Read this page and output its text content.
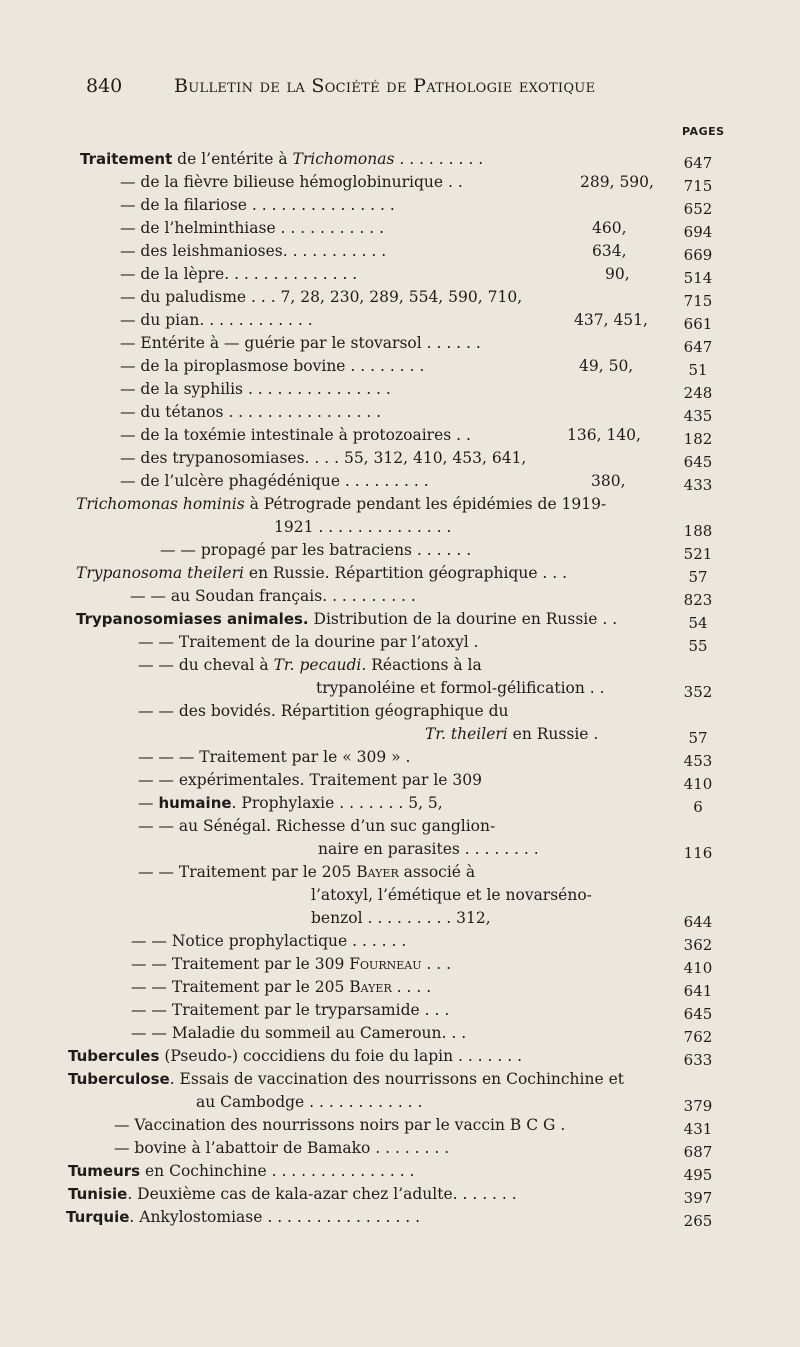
840	Bulletin de la Société de Pathologie exotique
PAGES
Traitement de l’entérite à Trichomonas . . . . . . . . .	647
— de la fièvre bilieuse hémoglobinurique . .	289, 590,	715
— de la filariose . . . . . . . . . . . . . . .	652
— de l’helminthiase . . . . . . . . . . .	460,	694
— des leishmanioses. . . . . . . . . . .	634,	669
— de la lèpre. . . . . . . . . . . . . .	90,	514
— du paludisme . . . 7, 28, 230, 289, 554, 590, 710,	715
— du pian. . . . . . . . . . . .	437, 451,	661
— Entérite à — guérie par le stovarsol . . . . . .	647
— de la piroplasmose bovine . . . . . . . .	49, 50,	51
— de la syphilis . . . . . . . . . . . . . . .	248
— du tétanos . . . . . . . . . . . . . . . .	435
— de la toxémie intestinale à protozoaires . .	136, 140,	182
— des trypanosomiases. . . . 55, 312, 410, 453, 641,	645
— de l’ulcère phagédénique . . . . . . . . .	380,	433
Trichomonas hominis à Pétrograde pendant les épidémies de 1919-
1921 . . . . . . . . . . . . . .	188
— — propagé par les batraciens . . . . . .	521
Trypanosoma theileri en Russie. Répartition géographique . . .	57
— — au Soudan français. . . . . . . . . .	823
Trypanosomiases animales. Distribution de la dourine en Russie . .	54
— — Traitement de la dourine par l’atoxyl .	55
— — du cheval à Tr. pecaudi. Réactions à la
trypanoléine et formol-gélification . .	352
— — des bovidés. Répartition géographique du
Tr. theileri en Russie .	57
— — — Traitement par le « 309 » .	453
— — expérimentales. Traitement par le 309	410
— humaine. Prophylaxie . . . . . . . 5, 5,	6
— — au Sénégal. Richesse d’un suc ganglion-
naire en parasites . . . . . . . .	116
— — Traitement par le 205 Bayer associé à
l’atoxyl, l’émétique et le novarséno-
benzol . . . . . . . . . 312,	644
— — Notice prophylactique . . . . . .	362
— — Traitement par le 309 Fourneau . . .	410
— — Traitement par le 205 Bayer . . . .	641
— — Traitement par le tryparsamide . . .	645
— — Maladie du sommeil au Cameroun. . .	762
Tubercules (Pseudo-) coccidiens du foie du lapin . . . . . . .	633
Tuberculose. Essais de vaccination des nourrissons en Cochinchine et
au Cambodge . . . . . . . . . . . .	379
— Vaccination des nourrissons noirs par le vaccin B C G .	431
— bovine à l’abattoir de Bamako . . . . . . . .	687
Tumeurs en Cochinchine . . . . . . . . . . . . . . .	495
Tunisie. Deuxième cas de kala-azar chez l’adulte. . . . . . .	397
Turquie. Ankylostomiase . . . . . . . . . . . . . . . .	265
